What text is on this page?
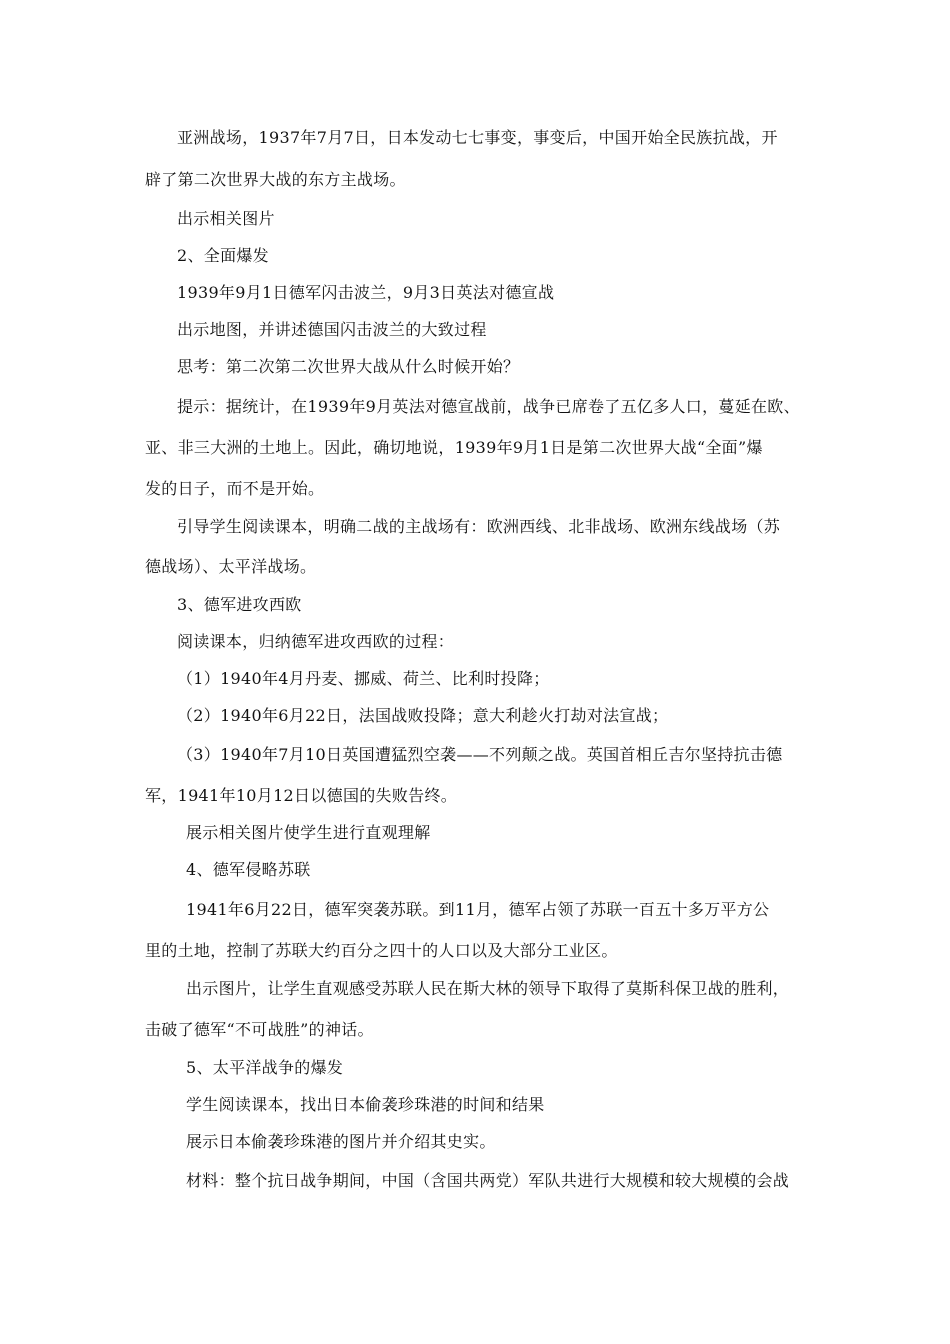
亚洲战场，1937年7月7日，日本发动七七事变，事变后，中国开始全民族抗战，开
辟了第二次世界大战的东方主战场。
出示相关图片
2、全面爆发
1939年9月1日德军闪击波兰，9月3日英法对德宣战
出示地图，并讲述德国闪击波兰的大致过程
思考：第二次第二次世界大战从什么时候开始？
提示：据统计，在1939年9月英法对德宣战前，战争已席卷了五亿多人口，蔓延在欧、
亚、非三大洲的土地上。因此，确切地说，1939年9月1日是第二次世界大战“全面”爆
发的日子，而不是开始。
引导学生阅读课本，明确二战的主战场有：欧洲西线、北非战场、欧洲东线战场（苏
德战场）、太平洋战场。
3、德军进攻西欧
阅读课本，归纳德军进攻西欧的过程：
（1）1940年4月丹麦、挪威、荷兰、比利时投降；
（2）1940年6月22日，法国战败投降；意大利趁火打劫对法宣战；
（3）1940年7月10日英国遭猛烈空袭——不列颠之战。英国首相丘吉尔坚持抗击德
军，1941年10月12日以德国的失败告终。
展示相关图片使学生进行直观理解
4、德军侵略苏联
1941年6月22日，德军突袭苏联。到11月，德军占领了苏联一百五十多万平方公
里的土地，控制了苏联大约百分之四十的人口以及大部分工业区。
出示图片，让学生直观感受苏联人民在斯大林的领导下取得了莫斯科保卫战的胜利，
击破了德军“不可战胜”的神话。
5、太平洋战争的爆发
学生阅读课本，找出日本偷袭珍珠港的时间和结果
展示日本偷袭珍珠港的图片并介绍其史实。
材料：整个抗日战争期间，中国（含国共两党）军队共进行大规模和较大规模的会战
